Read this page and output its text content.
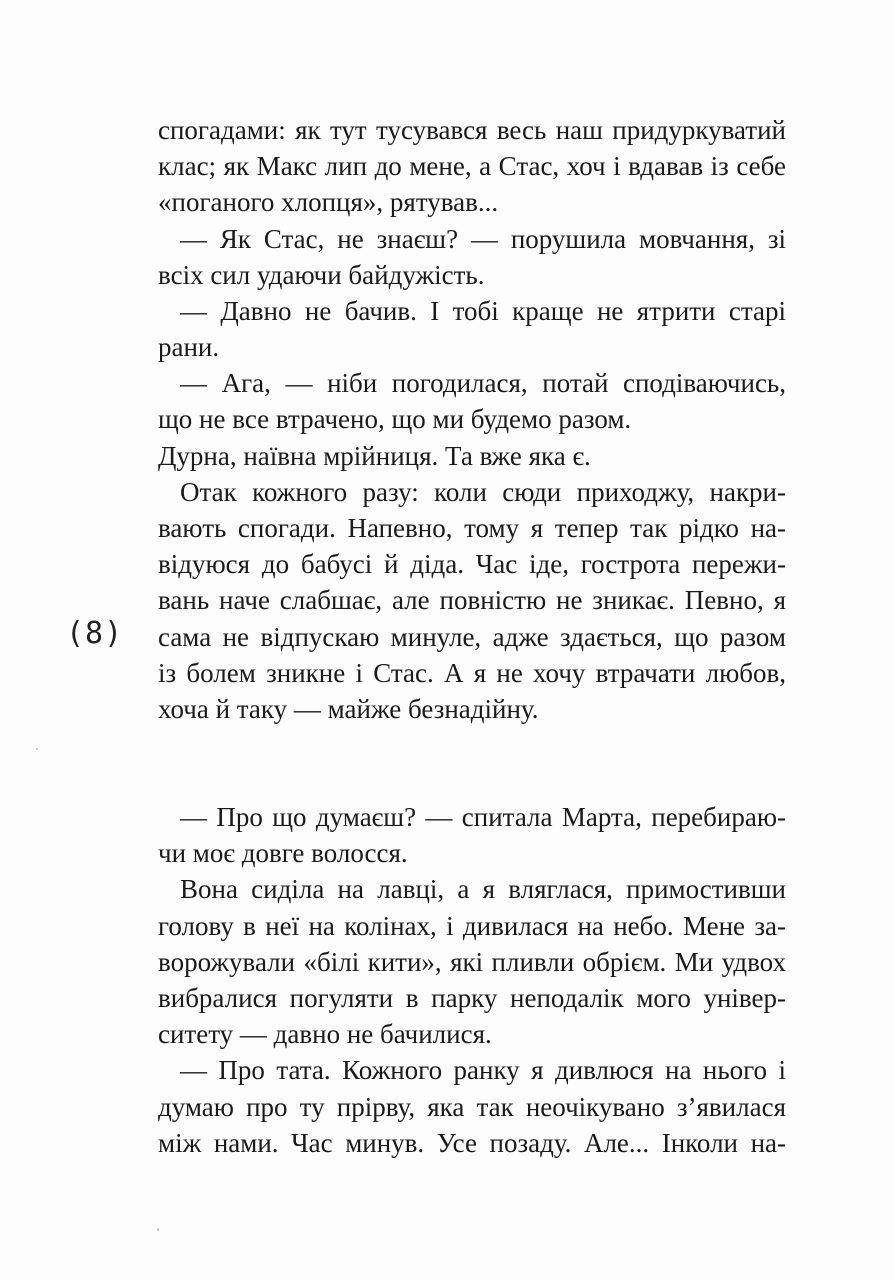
(8)
спогадами: як тут тусувався весь наш придуркуватий
клас; як Макс лип до мене, а Стас, хоч і вдавав із себе
«поганого хлопця», рятував...
— Як Стас, не знаєш? — порушила мовчання, зі
всіх сил удаючи байдужість.
— Давно не бачив. І тобі краще не ятрити старі
рани.
— Ага, — ніби погодилася, потай сподіваючись,
що не все втрачено, що ми будемо разом.
Дурна, наївна мрійниця. Та вже яка є.
Отак кожного разу: коли сюди приходжу, накри-
вають спогади. Напевно, тому я тепер так рідко на-
відуюся до бабусі й діда. Час іде, гострота пережи-
вань наче слабшає, але повністю не зникає. Певно, я
сама не відпускаю минуле, адже здається, що разом
із болем зникне і Стас. А я не хочу втрачати любов,
хоча й таку — майже безнадійну.
— Про що думаєш? — спитала Марта, перебираю-
чи моє довге волосся.
Вона сиділа на лавці, а я вляглася, примостивши
голову в неї на колінах, і дивилася на небо. Мене за-
ворожували «білі кити», які пливли обрієм. Ми удвох
вибралися погуляти в парку неподалік мого універ-
ситету — давно не бачилися.
— Про тата. Кожного ранку я дивлюся на нього і
думаю про ту прірву, яка так неочікувано з’явилася
між нами. Час минув. Усе позаду. Але... Інколи на-
